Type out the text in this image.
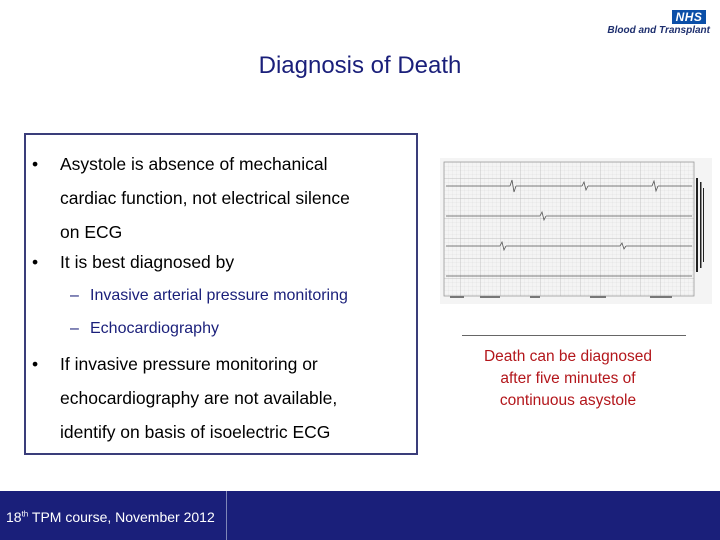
NHS
Blood and Transplant
Diagnosis of Death
• Asystole is absence of mechanical
cardiac function, not electrical silence
on ECG
• It is best diagnosed by
– Invasive arterial pressure monitoring
– Echocardiography
• If invasive pressure monitoring or
echocardiography are not available,
identify on basis of isoelectric ECG
Death can be diagnosed
after five minutes of
continuous asystole
18th TPM course, November 2012
